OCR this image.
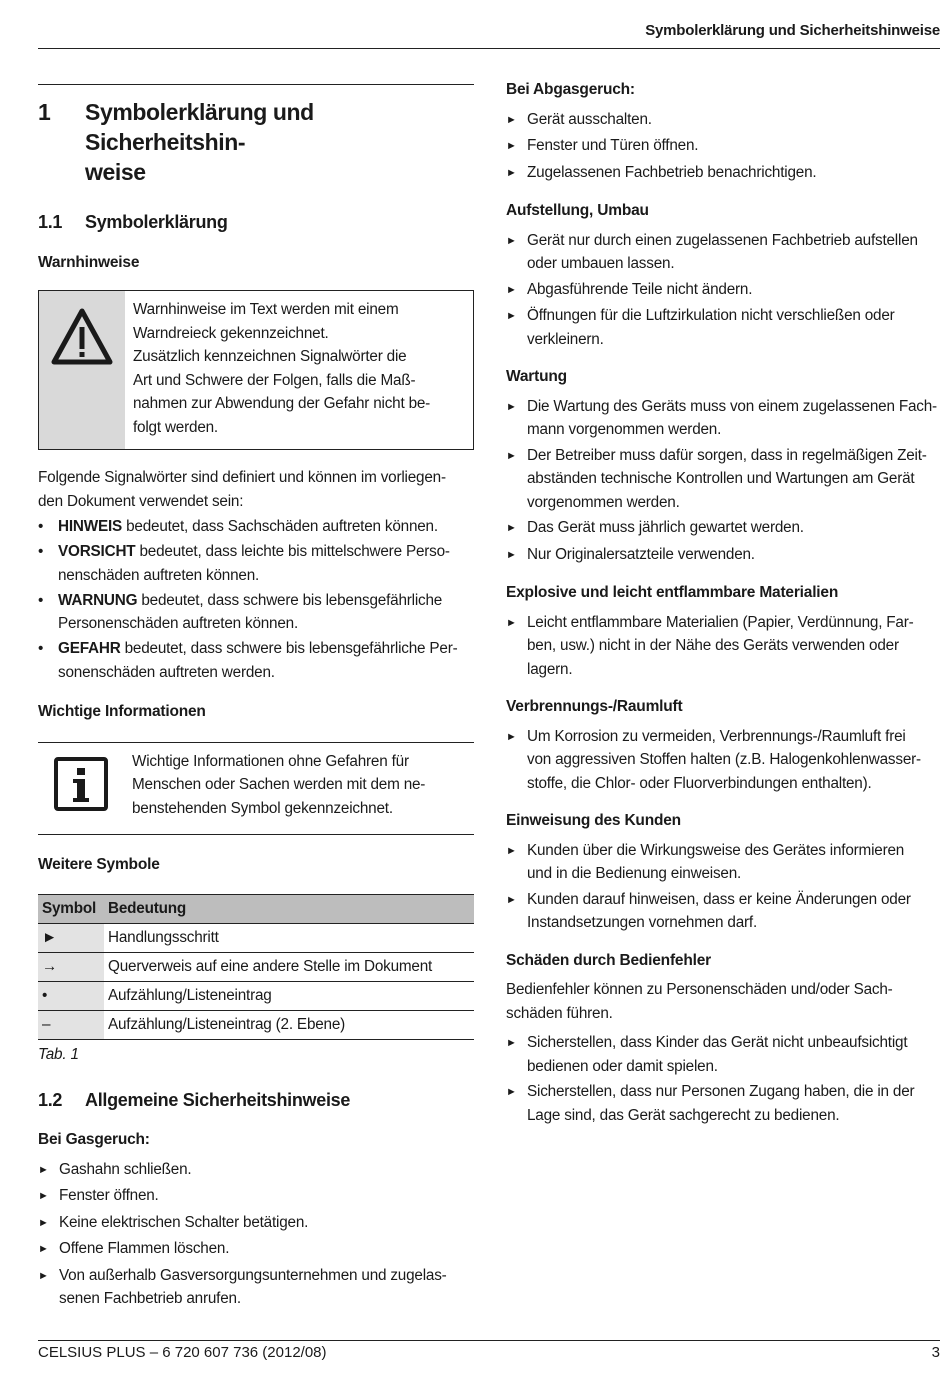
Symbolerklärung und Sicherheitshinweise
1	Symbolerklärung und Sicherheitshin-
weise
1.1	Symbolerklärung
Warnhinweise
Warnhinweise im Text werden mit einem
Warndreieck gekennzeichnet.
Zusätzlich kennzeichnen Signalwörter die
Art und Schwere der Folgen, falls die Maß-
nahmen zur Abwendung der Gefahr nicht be-
folgt werden.
Folgende Signalwörter sind definiert und können im vorliegen-
den Dokument verwendet sein:
• HINWEIS bedeutet, dass Sachschäden auftreten können.
• VORSICHT bedeutet, dass leichte bis mittelschwere Perso-
nenschäden auftreten können.
• WARNUNG bedeutet, dass schwere bis lebensgefährliche
Personenschäden auftreten können.
• GEFAHR bedeutet, dass schwere bis lebensgefährliche Per-
sonenschäden auftreten werden.
Wichtige Informationen
Wichtige Informationen ohne Gefahren für
Menschen oder Sachen werden mit dem ne-
benstehenden Symbol gekennzeichnet.
Weitere Symbole
Symbol	Bedeutung
►	Handlungsschritt
→	Querverweis auf eine andere Stelle im Dokument
•	Aufzählung/Listeneintrag
–	Aufzählung/Listeneintrag (2. Ebene)
Tab. 1
1.2	Allgemeine Sicherheitshinweise
Bei Gasgeruch:
► Gashahn schließen.
► Fenster öffnen.
► Keine elektrischen Schalter betätigen.
► Offene Flammen löschen.
► Von außerhalb Gasversorgungsunternehmen und zugelas-
senen Fachbetrieb anrufen.
Bei Abgasgeruch:
► Gerät ausschalten.
► Fenster und Türen öffnen.
► Zugelassenen Fachbetrieb benachrichtigen.
Aufstellung, Umbau
► Gerät nur durch einen zugelassenen Fachbetrieb aufstellen
oder umbauen lassen.
► Abgasführende Teile nicht ändern.
► Öffnungen für die Luftzirkulation nicht verschließen oder
verkleinern.
Wartung
► Die Wartung des Geräts muss von einem zugelassenen Fach-
mann vorgenommen werden.
► Der Betreiber muss dafür sorgen, dass in regelmäßigen Zeit-
abständen technische Kontrollen und Wartungen am Gerät
vorgenommen werden.
► Das Gerät muss jährlich gewartet werden.
► Nur Originalersatzteile verwenden.
Explosive und leicht entflammbare Materialien
► Leicht entflammbare Materialien (Papier, Verdünnung, Far-
ben, usw.) nicht in der Nähe des Geräts verwenden oder
lagern.
Verbrennungs-/Raumluft
► Um Korrosion zu vermeiden, Verbrennungs-/Raumluft frei
von aggressiven Stoffen halten (z.B. Halogenkohlenwasser-
stoffe, die Chlor- oder Fluorverbindungen enthalten).
Einweisung des Kunden
► Kunden über die Wirkungsweise des Gerätes informieren
und in die Bedienung einweisen.
► Kunden darauf hinweisen, dass er keine Änderungen oder
Instandsetzungen vornehmen darf.
Schäden durch Bedienfehler
Bedienfehler können zu Personenschäden und/oder Sach-
schäden führen.
► Sicherstellen, dass Kinder das Gerät nicht unbeaufsichtigt
bedienen oder damit spielen.
► Sicherstellen, dass nur Personen Zugang haben, die in der
Lage sind, das Gerät sachgerecht zu bedienen.
CELSIUS PLUS – 6 720 607 736 (2012/08)	3
